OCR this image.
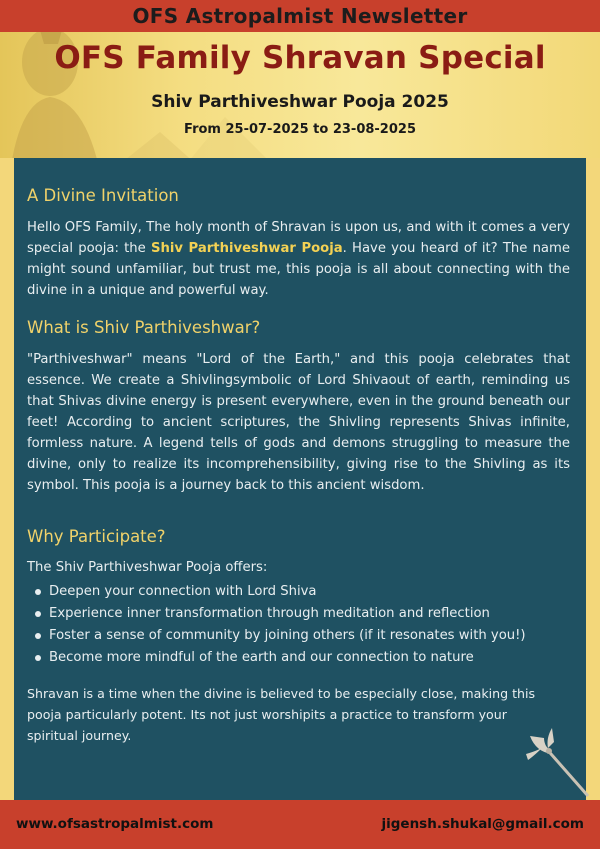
OFS Astropalmist Newsletter
OFS Family Shravan Special
Shiv Parthiveshwar Pooja 2025
From 25-07-2025 to 23-08-2025
A Divine Invitation

Hello OFS Family, The holy month of Shravan is upon us, and with it comes a very special pooja: the Shiv Parthiveshwar Pooja. Have you heard of it? The name might sound unfamiliar, but trust me, this pooja is all about connecting with the divine in a unique and powerful way.

What is Shiv Parthiveshwar?

"Parthiveshwar" means "Lord of the Earth," and this pooja celebrates that essence. We create a Shivlingsymbolic of Lord Shivaout of earth, reminding us that Shivas divine energy is present everywhere, even in the ground beneath our feet! According to ancient scriptures, the Shivling represents Shivas infinite, formless nature. A legend tells of gods and demons struggling to measure the divine, only to realize its incomprehensibility, giving rise to the Shivling as its symbol. This pooja is a journey back to this ancient wisdom.

Why Participate?

The Shiv Parthiveshwar Pooja offers:

Deepen your connection with Lord Shiva
Experience inner transformation through meditation and reflection
Foster a sense of community by joining others (if it resonates with you!)
Become more mindful of the earth and our connection to nature

Shravan is a time when the divine is believed to be especially close, making this pooja particularly potent. Its not just worshipits a practice to transform your spiritual journey.

www.ofsastropalmist.com	jigensh.shukal@gmail.com
